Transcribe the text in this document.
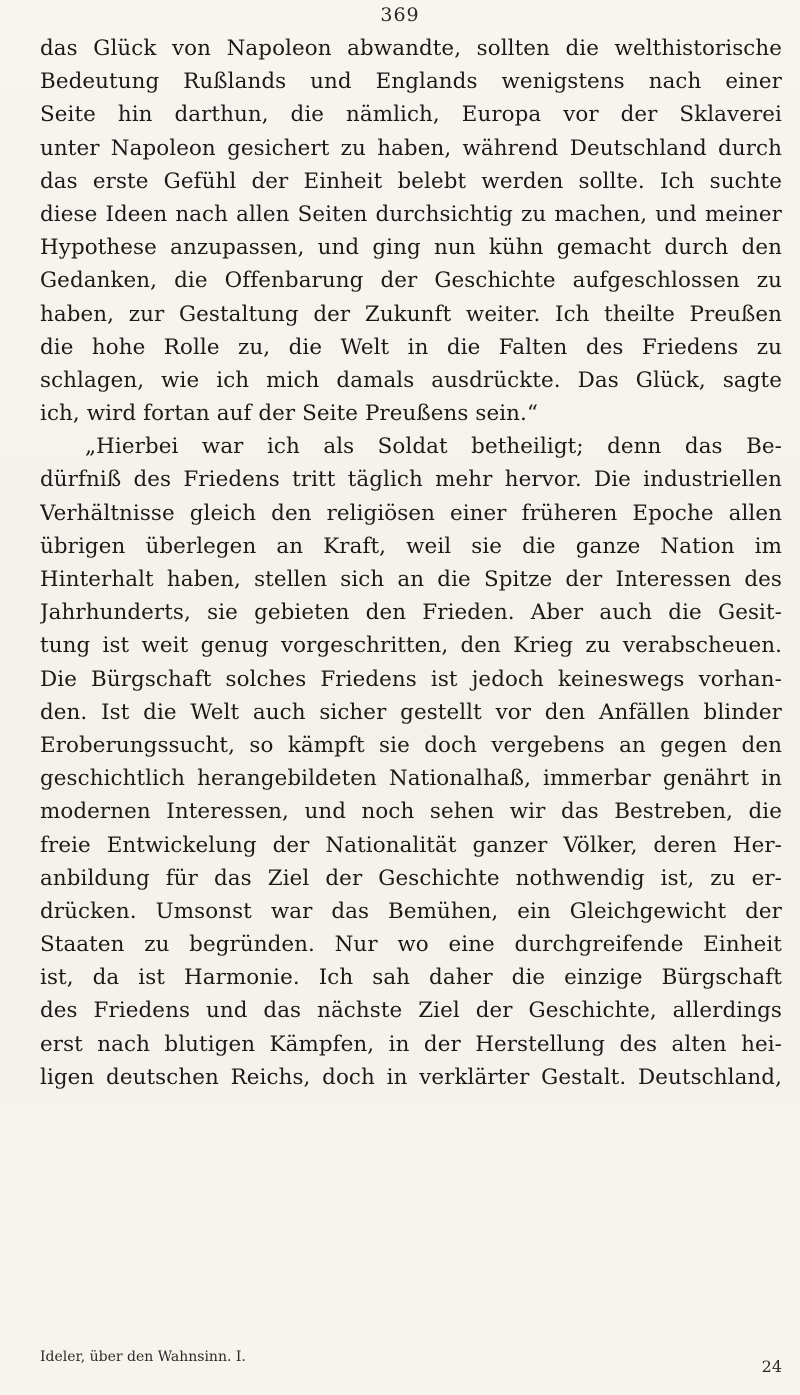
369
das Glück von Napoleon abwandte, sollten die welthistorische
Bedeutung Rußlands und Englands wenigstens nach einer
Seite hin darthun, die nämlich, Europa vor der Sklaverei
unter Napoleon gesichert zu haben, während Deutschland durch
das erste Gefühl der Einheit belebt werden sollte. Ich suchte
diese Ideen nach allen Seiten durchsichtig zu machen, und meiner
Hypothese anzupassen, und ging nun kühn gemacht durch den
Gedanken, die Offenbarung der Geschichte aufgeschlossen zu
haben, zur Gestaltung der Zukunft weiter. Ich theilte Preußen
die hohe Rolle zu, die Welt in die Falten des Friedens zu
schlagen, wie ich mich damals ausdrückte. Das Glück, sagte
ich, wird fortan auf der Seite Preußens sein.“
„Hierbei war ich als Soldat betheiligt; denn das Be-
dürfniß des Friedens tritt täglich mehr hervor. Die industriellen
Verhältnisse gleich den religiösen einer früheren Epoche allen
übrigen überlegen an Kraft, weil sie die ganze Nation im
Hinterhalt haben, stellen sich an die Spitze der Interessen des
Jahrhunderts, sie gebieten den Frieden. Aber auch die Gesit-
tung ist weit genug vorgeschritten, den Krieg zu verabscheuen.
Die Bürgschaft solches Friedens ist jedoch keineswegs vorhan-
den. Ist die Welt auch sicher gestellt vor den Anfällen blinder
Eroberungssucht, so kämpft sie doch vergebens an gegen den
geschichtlich herangebildeten Nationalhaß, immerbar genährt in
modernen Interessen, und noch sehen wir das Bestreben, die
freie Entwickelung der Nationalität ganzer Völker, deren Her-
anbildung für das Ziel der Geschichte nothwendig ist, zu er-
drücken. Umsonst war das Bemühen, ein Gleichgewicht der
Staaten zu begründen. Nur wo eine durchgreifende Einheit
ist, da ist Harmonie. Ich sah daher die einzige Bürgschaft
des Friedens und das nächste Ziel der Geschichte, allerdings
erst nach blutigen Kämpfen, in der Herstellung des alten hei-
ligen deutschen Reichs, doch in verklärter Gestalt. Deutschland,
Ideler, über den Wahnsinn. I.	24
